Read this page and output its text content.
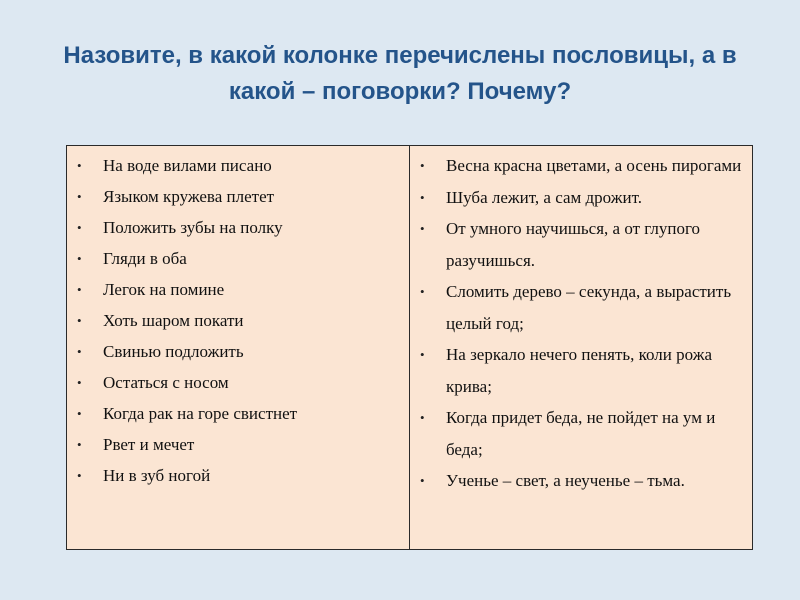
Назовите, в какой колонке перечислены пословицы, а в какой – поговорки? Почему?
• На воде вилами писано
• Языком кружева плетет
• Положить зубы на полку
• Гляди в оба
• Легок на помине
• Хоть шаром покати
• Свинью подложить
• Остаться с носом
• Когда рак на горе свистнет
• Рвет и мечет
• Ни в зуб ногой
• Весна красна цветами, а осень пирогами
• Шуба лежит, а сам дрожит.
• От умного научишься, а от глупого разучишься.
• Сломить дерево – секунда, а вырастить целый год;
• На зеркало нечего пенять, коли рожа крива;
• Когда придет беда, не пойдет на ум и беда;
• Ученье – свет, а неученье – тьма.
